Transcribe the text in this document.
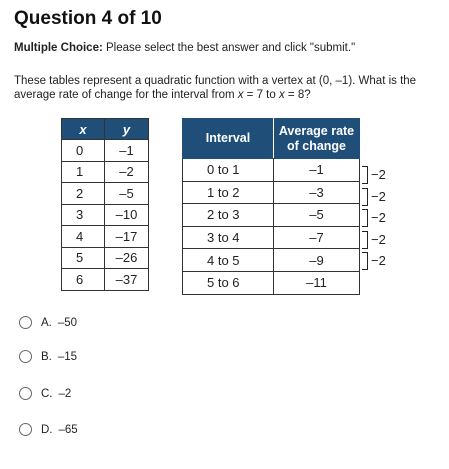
Question 4 of 10
Multiple Choice: Please select the best answer and click "submit."
These tables represent a quadratic function with a vertex at (0, –1). What is the average rate of change for the interval from x = 7 to x = 8?
x	y
0	–1
1	–2
2	–5
3	–10
4	–17
5	–26
6	–37
Interval	Average rate of change
0 to 1	–1
1 to 2	–3
2 to 3	–5
3 to 4	–7
4 to 5	–9
5 to 6	–11
−2
−2
−2
−2
−2
A. –50
B. –15
C. –2
D. –65
